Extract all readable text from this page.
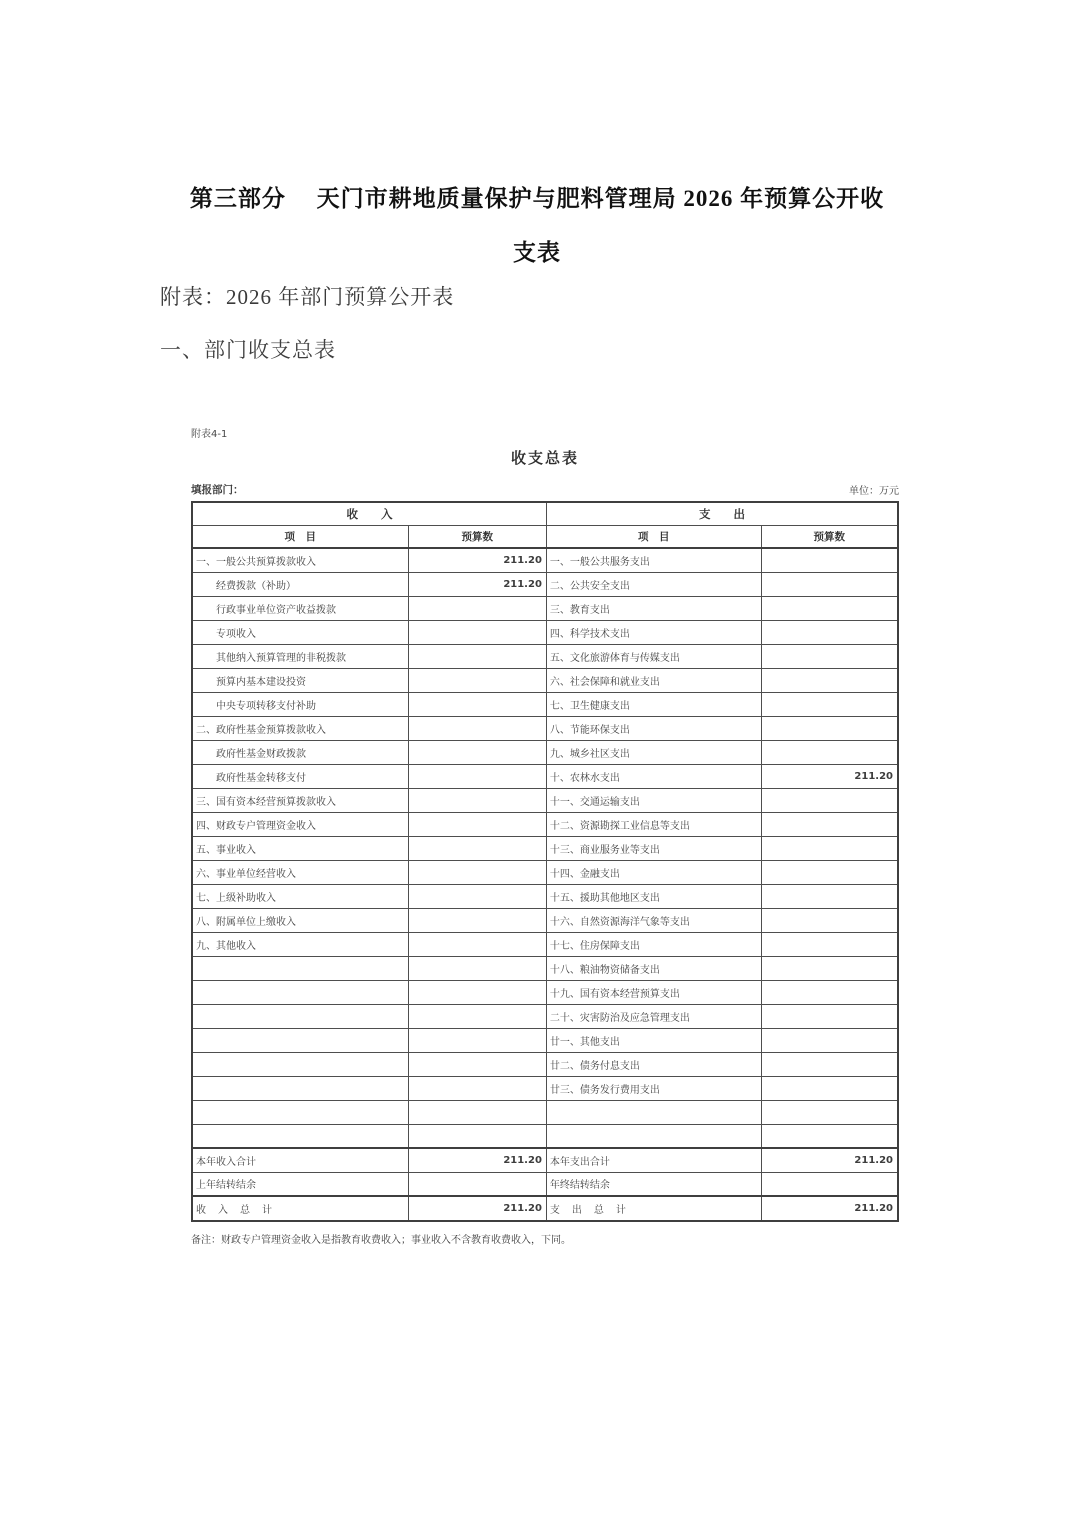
第三部分　 天门市耕地质量保护与肥料管理局 2026 年预算公开收
支表
附表：2026 年部门预算公开表
一、部门收支总表
附表4-1
收支总表
填报部门：	单位：万元
收　　入		支　　出	
项　目	预算数	项　目	预算数
一、一般公共预算拨款收入	211.20	一、一般公共服务支出	
经费拨款（补助）	211.20	二、公共安全支出	
行政事业单位资产收益拨款		三、教育支出	
专项收入		四、科学技术支出	
其他纳入预算管理的非税拨款		五、文化旅游体育与传媒支出	
预算内基本建设投资		六、社会保障和就业支出	
中央专项转移支付补助		七、卫生健康支出	
二、政府性基金预算拨款收入		八、节能环保支出	
政府性基金财政拨款		九、城乡社区支出	
政府性基金转移支付		十、农林水支出	211.20
三、国有资本经营预算拨款收入		十一、交通运输支出	
四、财政专户管理资金收入		十二、资源勘探工业信息等支出	
五、事业收入		十三、商业服务业等支出	
六、事业单位经营收入		十四、金融支出	
七、上级补助收入		十五、援助其他地区支出	
八、附属单位上缴收入		十六、自然资源海洋气象等支出	
九、其他收入		十七、住房保障支出	
		十八、粮油物资储备支出	
		十九、国有资本经营预算支出	
		二十、灾害防治及应急管理支出	
		廿一、其他支出	
		廿二、债务付息支出	
		廿三、债务发行费用支出	

本年收入合计	211.20	本年支出合计	211.20
上年结转结余		年终结转结余	
收　入　总　计	211.20	支　出　总　计	211.20
备注：财政专户管理资金收入是指教育收费收入；事业收入不含教育收费收入，下同。
